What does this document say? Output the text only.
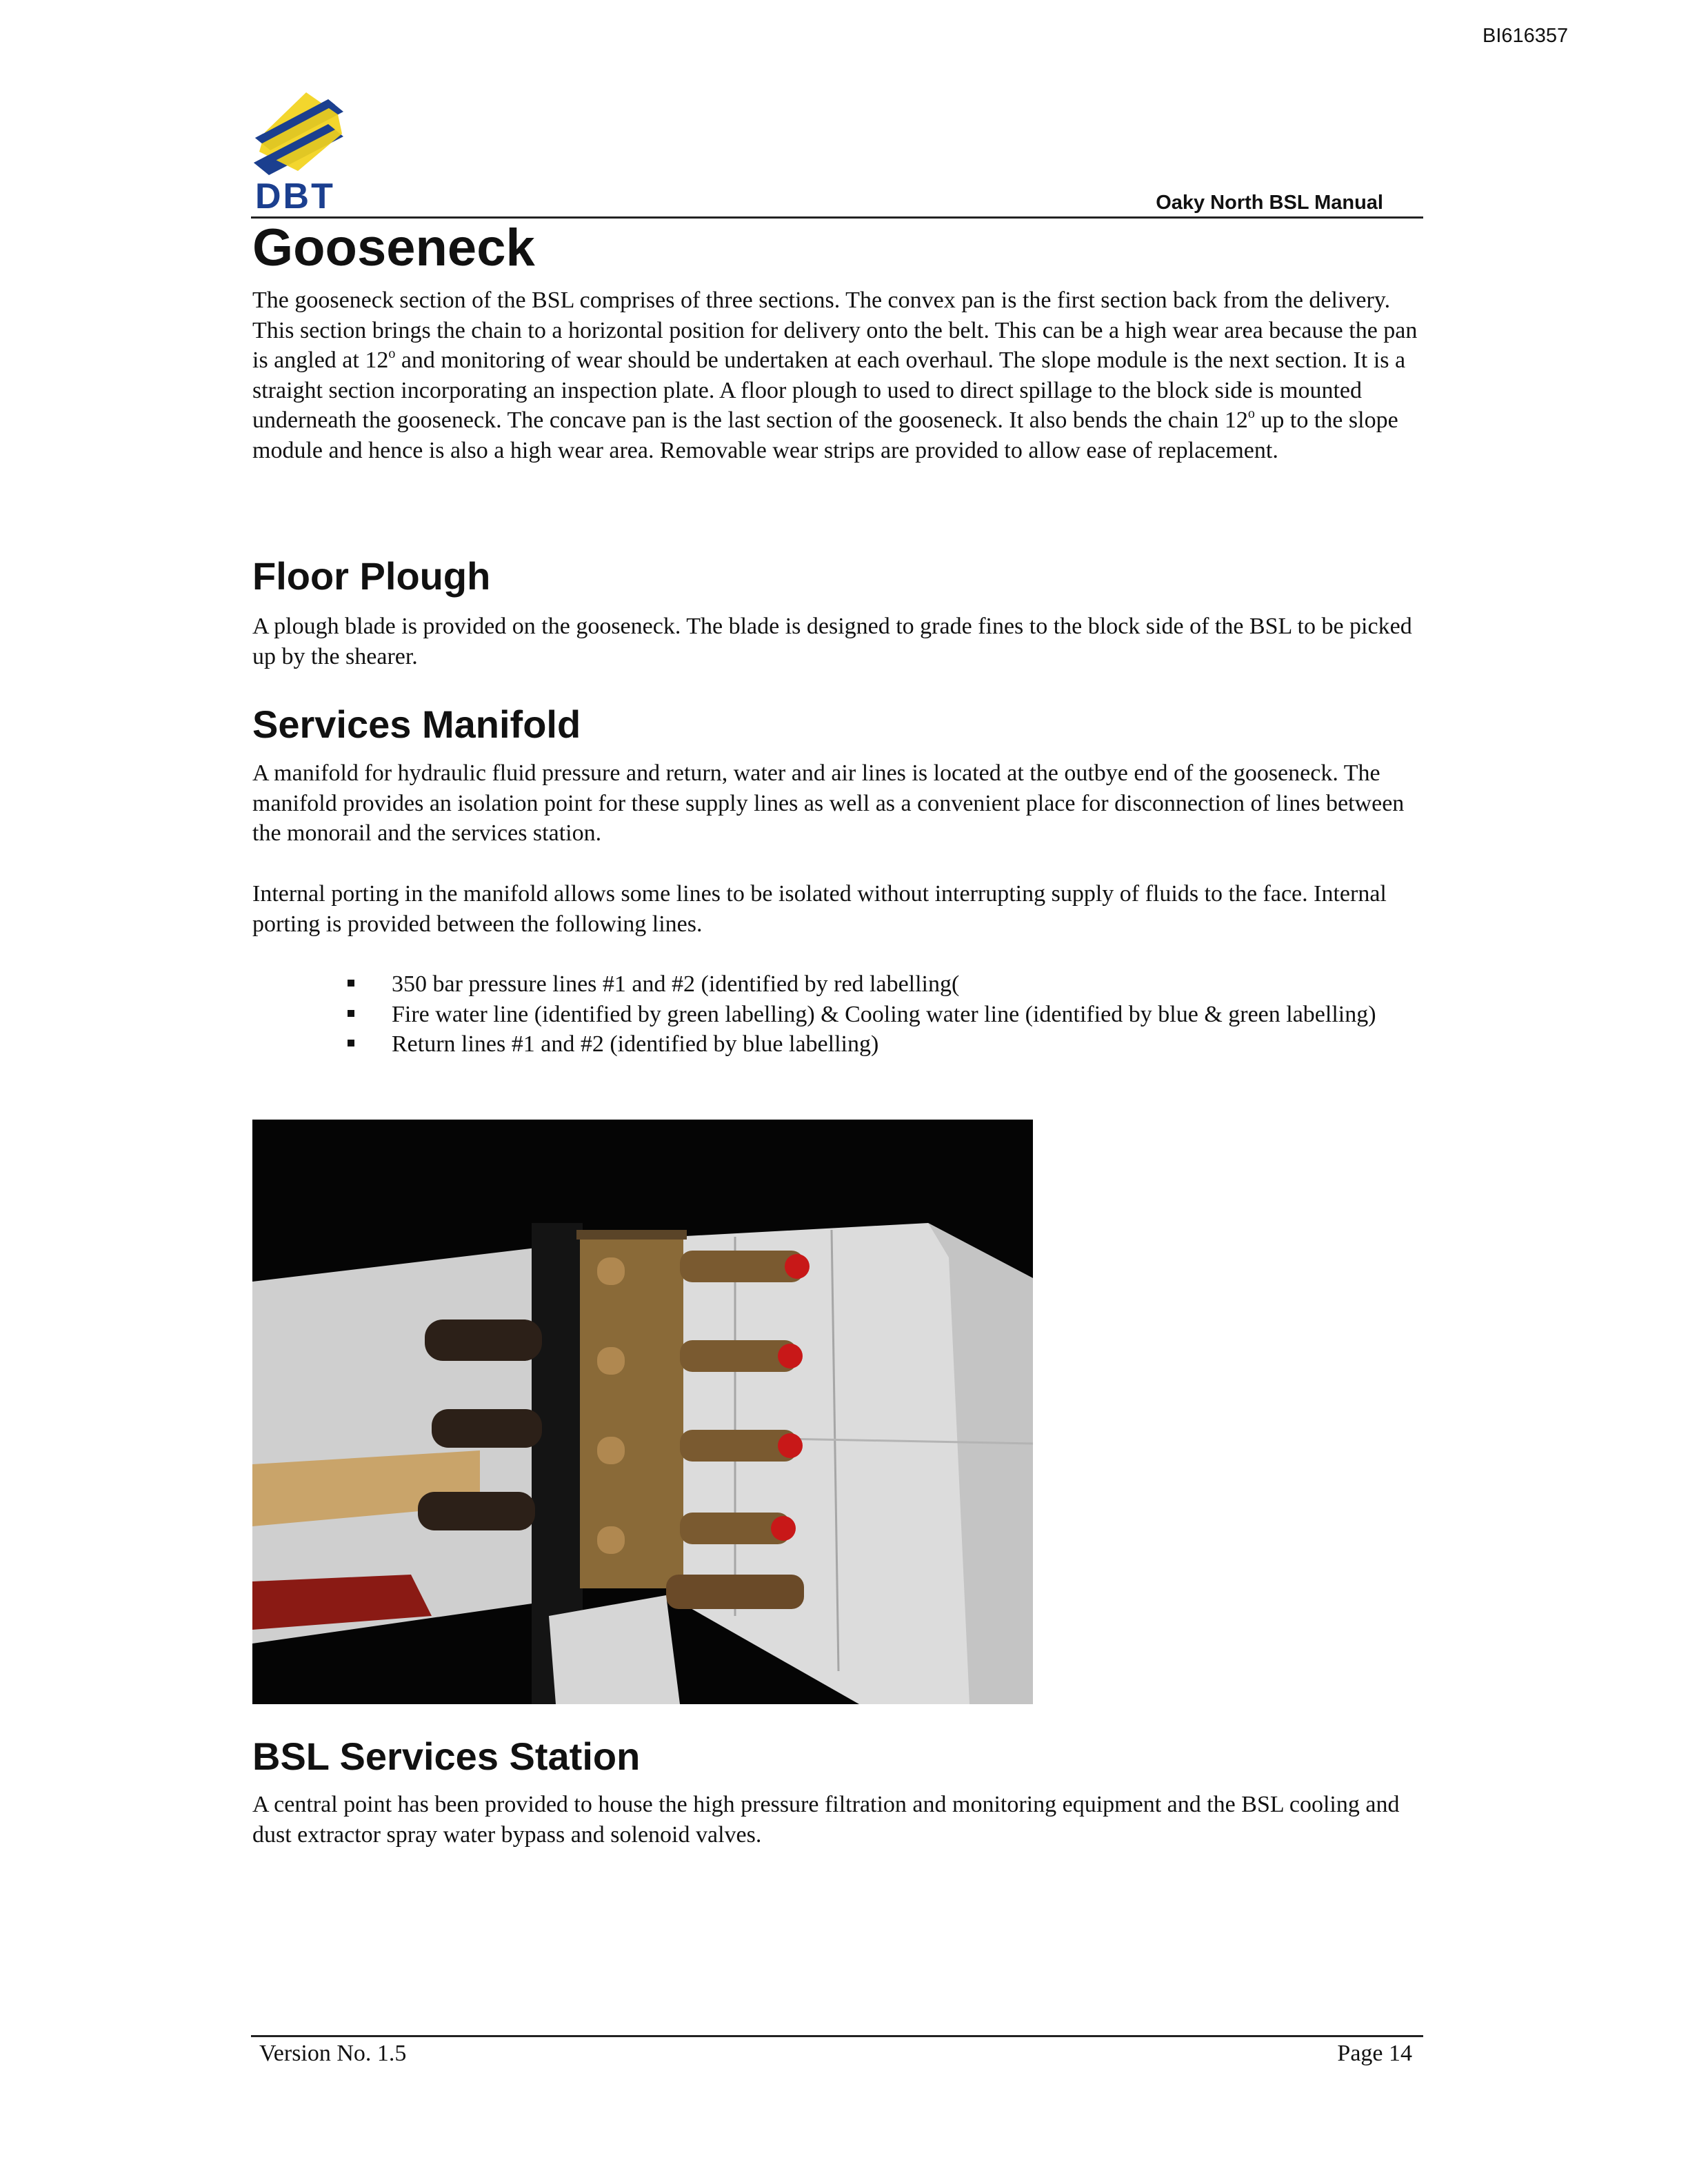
BI616357
DBT	Oaky North BSL Manual
Gooseneck

The gooseneck section of the BSL comprises of three sections. The convex pan is the first section back from the delivery. This section brings the chain to a horizontal position for delivery onto the belt. This can be a high wear area because the pan is angled at 12$^o$ and monitoring of wear should be undertaken at each overhaul. The slope module is the next section. It is a straight section incorporating an inspection plate. A floor plough to used to direct spillage to the block side is mounted underneath the gooseneck. The concave pan is the last section of the gooseneck. It also bends the chain 12$^o$ up to the slope module and hence is also a high wear area. Removable wear strips are provided to allow ease of replacement.

Floor Plough

A plough blade is provided on the gooseneck. The blade is designed to grade fines to the block side of the BSL to be picked up by the shearer.

Services Manifold

A manifold for hydraulic fluid pressure and return, water and air lines is located at the outbye end of the gooseneck. The manifold provides an isolation point for these supply lines as well as a convenient place for disconnection of lines between the monorail and the services station.

Internal porting in the manifold allows some lines to be isolated without interrupting supply of fluids to the face. Internal porting is provided between the following lines.

350 bar pressure lines #1 and #2 (identified by red labelling(
Fire water line (identified by green labelling) & Cooling water line (identified by blue & green labelling)
Return lines #1 and #2 (identified by blue labelling)
BSL Services Station

A central point has been provided to house the high pressure filtration and monitoring equipment and the BSL cooling and dust extractor spray water bypass and solenoid valves.

Version No. 1.5	Page 14
